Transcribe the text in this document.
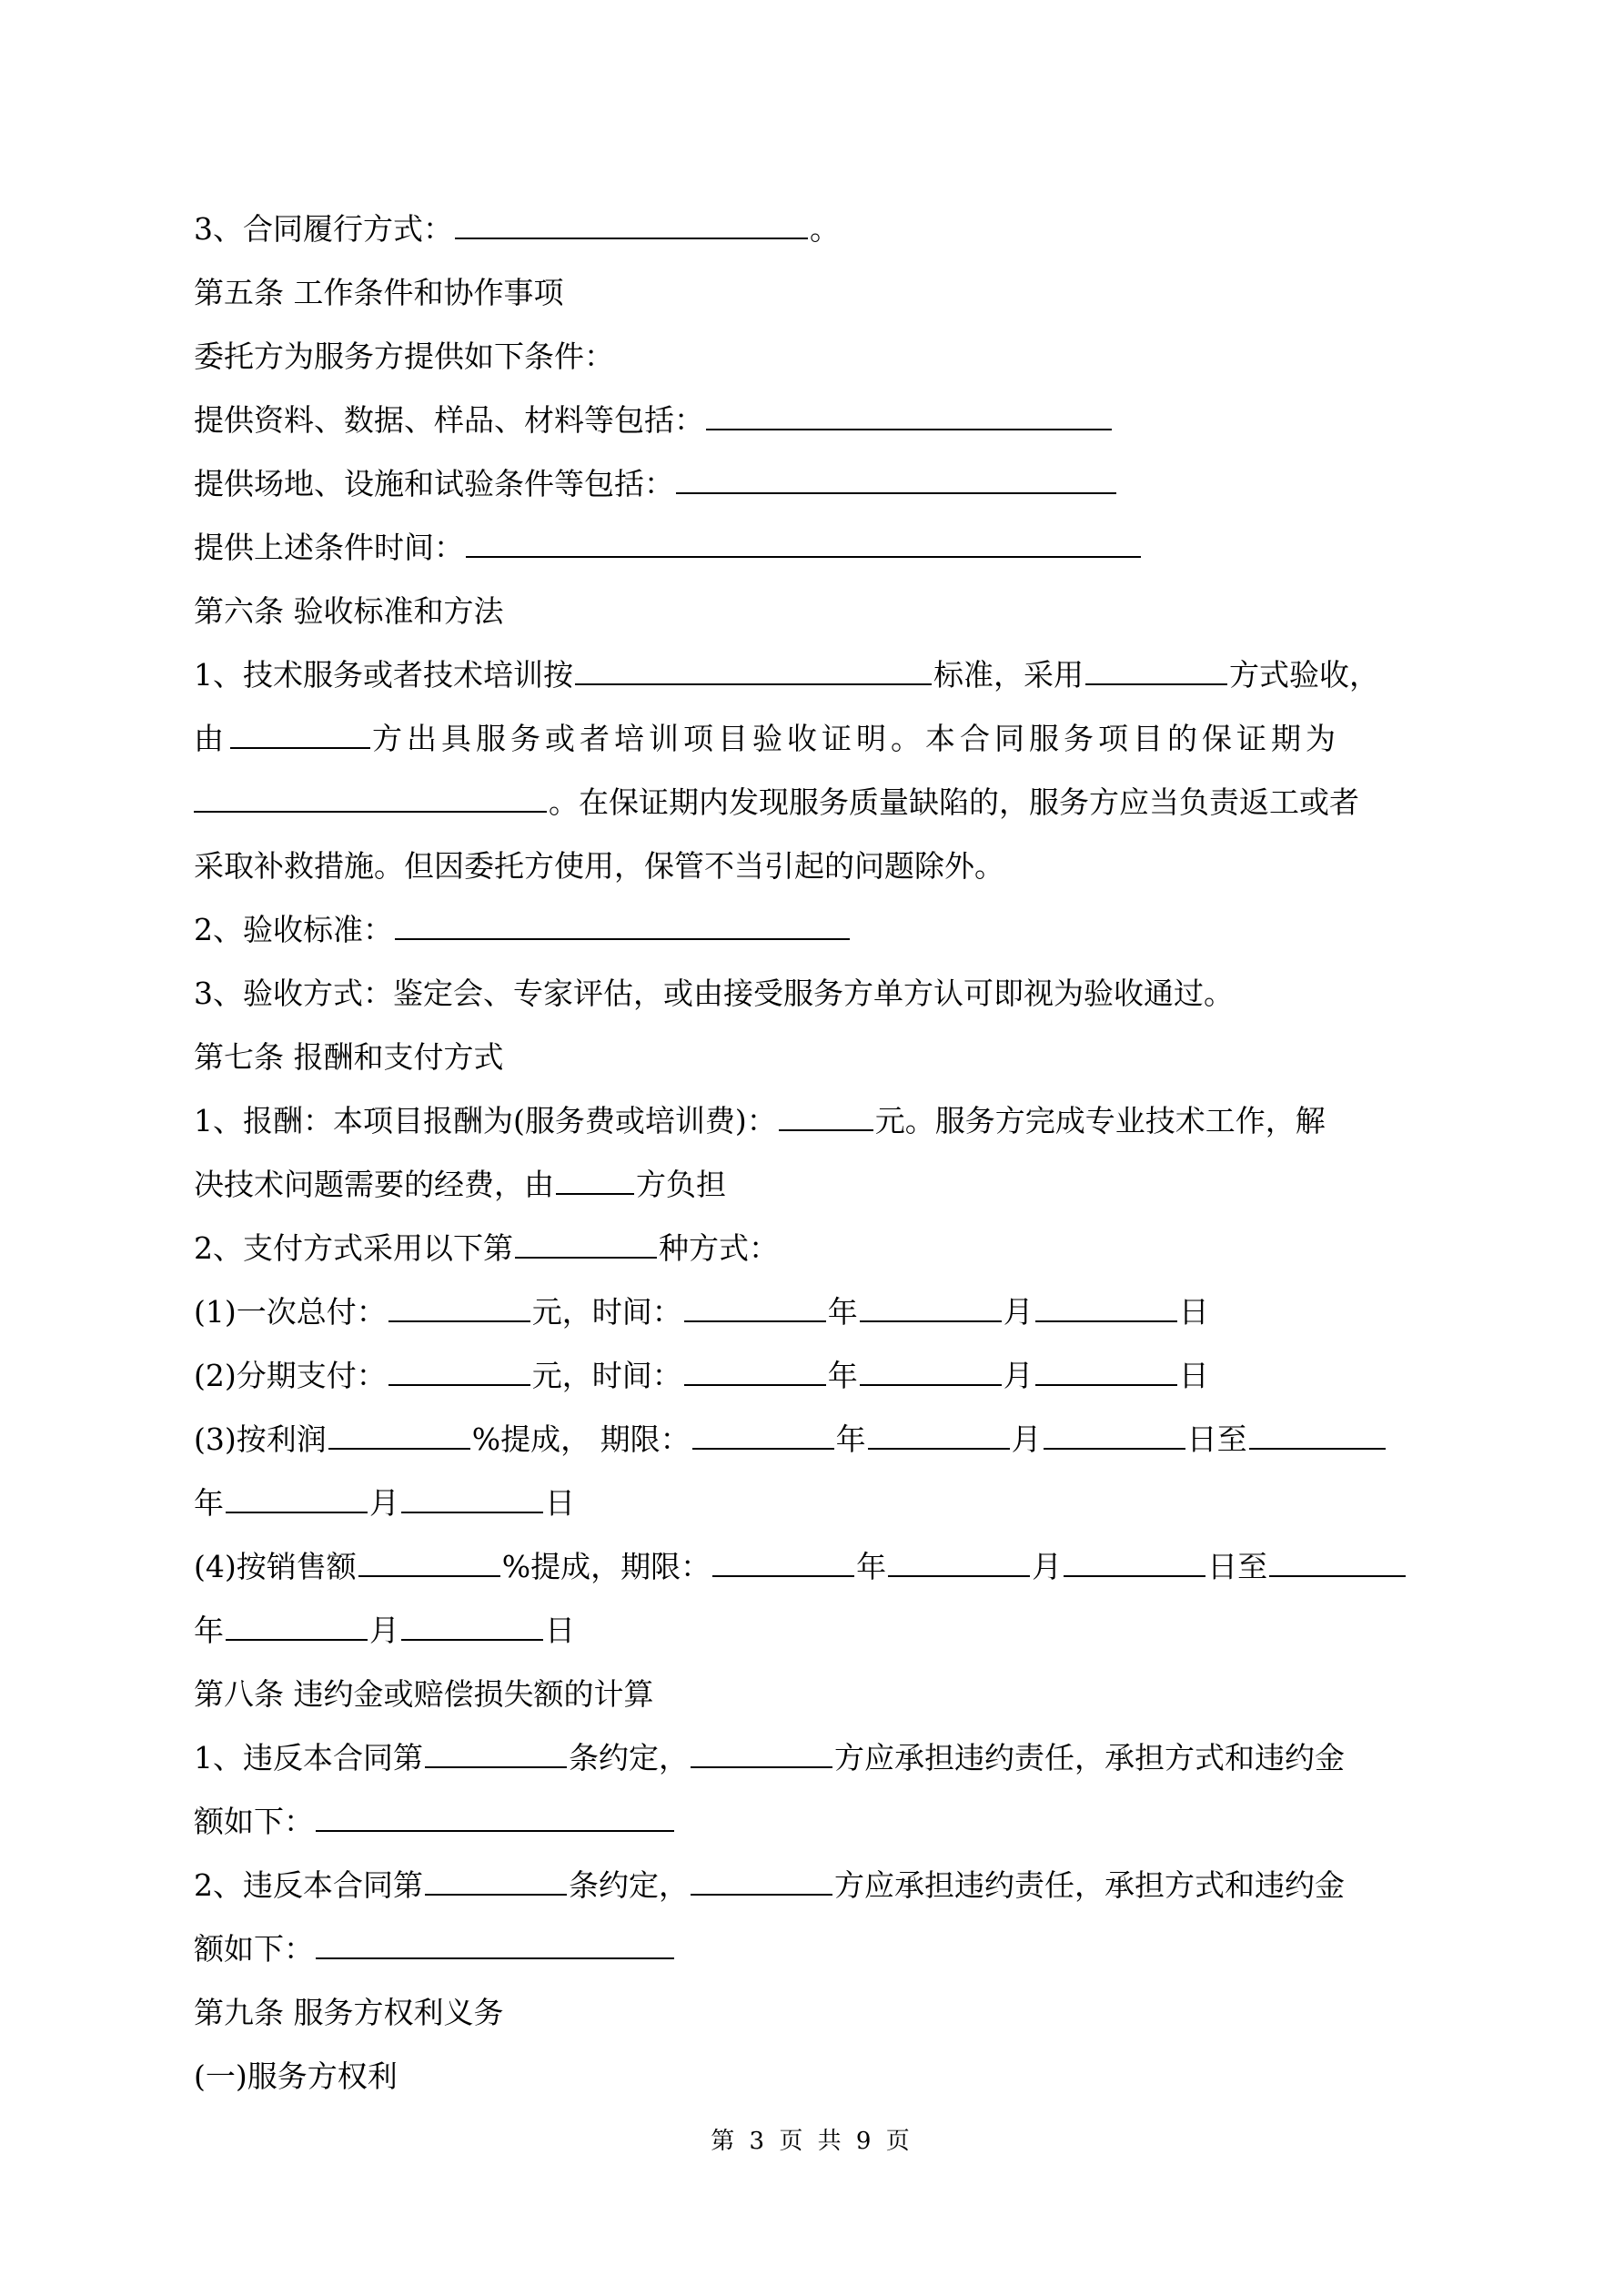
3、合同履行方式：	。
第五条 工作条件和协作事项
委托方为服务方提供如下条件：
提供资料、数据、样品、材料等包括：
提供场地、设施和试验条件等包括：
提供上述条件时间：
第六条 验收标准和方法
1、技术服务或者技术培训按	标准，采用	方式验收，
由	方出具服务或者培训项目验收证明。本合同服务项目的保证期为
。在保证期内发现服务质量缺陷的，服务方应当负责返工或者
采取补救措施。但因委托方使用，保管不当引起的问题除外。
2、验收标准：
3、验收方式：鉴定会、专家评估，或由接受服务方单方认可即视为验收通过。
第七条 报酬和支付方式
1、报酬：本项目报酬为(服务费或培训费)：	元。服务方完成专业技术工作，解
决技术问题需要的经费，由	方负担
2、支付方式采用以下第	种方式：
(1)一次总付：	元，时间：	年	月	日
(2)分期支付：	元，时间：	年	月	日
(3)按利润	%提成， 期限：	年	月	日至
年	月	日
(4)按销售额	%提成，期限：	年	月	日至
年	月	日
第八条 违约金或赔偿损失额的计算
1、违反本合同第	条约定，	方应承担违约责任，承担方式和违约金
额如下：
2、违反本合同第	条约定，	方应承担违约责任，承担方式和违约金
额如下：
第九条 服务方权利义务
(一)服务方权利
第 3 页 共 9 页
